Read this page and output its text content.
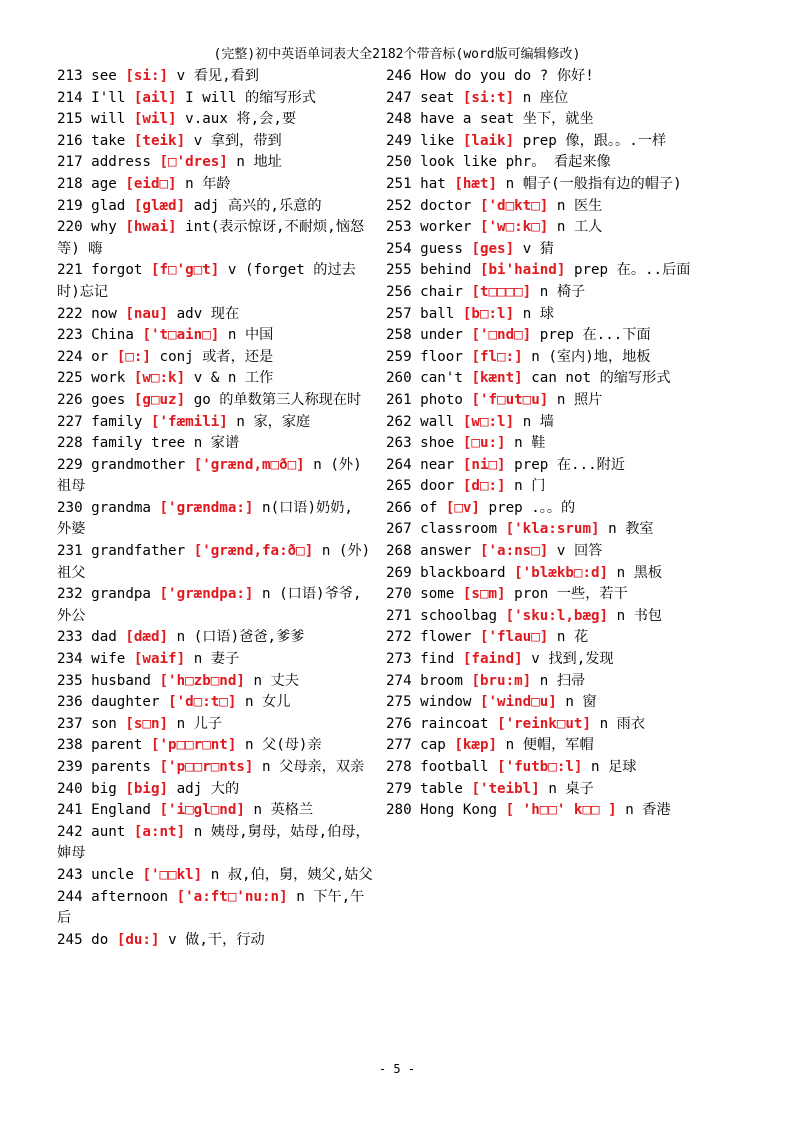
(完整)初中英语单词表大全2182个带音标(word版可编辑修改)

213 see [si:] v 看见,看到

214 I'll [ail] I will 的缩写形式

215 will [wil] v.aux 将,会,要

216 take [teik] v 拿到，带到

217 address [□'dres] n 地址

218 age [eid□] n 年龄

219 glad [glæd] adj 高兴的,乐意的

220 why [hwai] int(表示惊讶,不耐烦,恼怒等) 嗨

221 forgot [f□'g□t] v (forget 的过去时)忘记

222 now [nau] adv 现在

223 China ['t□ain□] n 中国

224 or [□:] conj 或者，还是

225 work [w□:k] v & n 工作

226 goes [g□uz] go 的单数第三人称现在时

227 family ['fæmili] n 家，家庭

228 family tree n 家谱

229 grandmother ['grænd,m□ð□] n (外)祖母

230 grandma ['grændma:] n(口语)奶奶, 外婆

231 grandfather ['grænd,fa:ð□] n (外)祖父

232 grandpa ['grændpa:] n (口语)爷爷,外公

233 dad [dæd] n (口语)爸爸,爹爹

234 wife [waif] n 妻子

235 husband ['h□zb□nd] n 丈夫

236 daughter ['d□:t□] n 女儿

237 son [s□n] n 儿子

238 parent ['p□□r□nt] n 父(母)亲

239 parents ['p□□r□nts] n 父母亲，双亲

240 big [big] adj 大的

241 England ['i□gl□nd] n 英格兰

242 aunt [a:nt] n 姨母,舅母，姑母,伯母，婶母

243 uncle ['□□kl] n 叔,伯，舅，姨父,姑父

244 afternoon ['a:ft□'nu:n] n 下午,午后

245 do [du:] v 做,干，行动

246 How do you do ? 你好!

247 seat [si:t] n 座位

248 have a seat 坐下，就坐

249 like [laik] prep 像，跟。。.一样

250 look like phr。 看起来像

251 hat [hæt] n 帽子(一般指有边的帽子)

252 doctor ['d□kt□] n 医生

253 worker ['w□:k□] n 工人

254 guess [ges] v 猜

255 behind [bi'haind] prep 在。..后面

256 chair [t□□□□] n 椅子

257 ball [b□:l] n 球

258 under ['□nd□] prep 在...下面

259 floor [fl□:] n (室内)地，地板

260 can't [kænt] can not 的缩写形式

261 photo ['f□ut□u] n 照片

262 wall [w□:l] n 墙

263 shoe [□u:] n 鞋

264 near [ni□] prep 在...附近

265 door [d□:] n 门

266 of [□v] prep .。。的

267 classroom ['kla:srum] n 教室

268 answer ['a:ns□] v 回答

269 blackboard ['blækb□:d] n 黑板

270 some [s□m] pron 一些，若干

271 schoolbag ['sku:l,bæg] n 书包

272 flower ['flau□] n 花

273 find [faind] v 找到,发现

274 broom [bru:m] n 扫帚

275 window ['wind□u] n 窗

276 raincoat ['reink□ut] n 雨衣

277 cap [kæp] n 便帽，军帽

278 football ['futb□:l] n 足球

279 table ['teibl] n 桌子

280 Hong Kong [ 'h□□' k□□ ] n 香港

- 5 -
